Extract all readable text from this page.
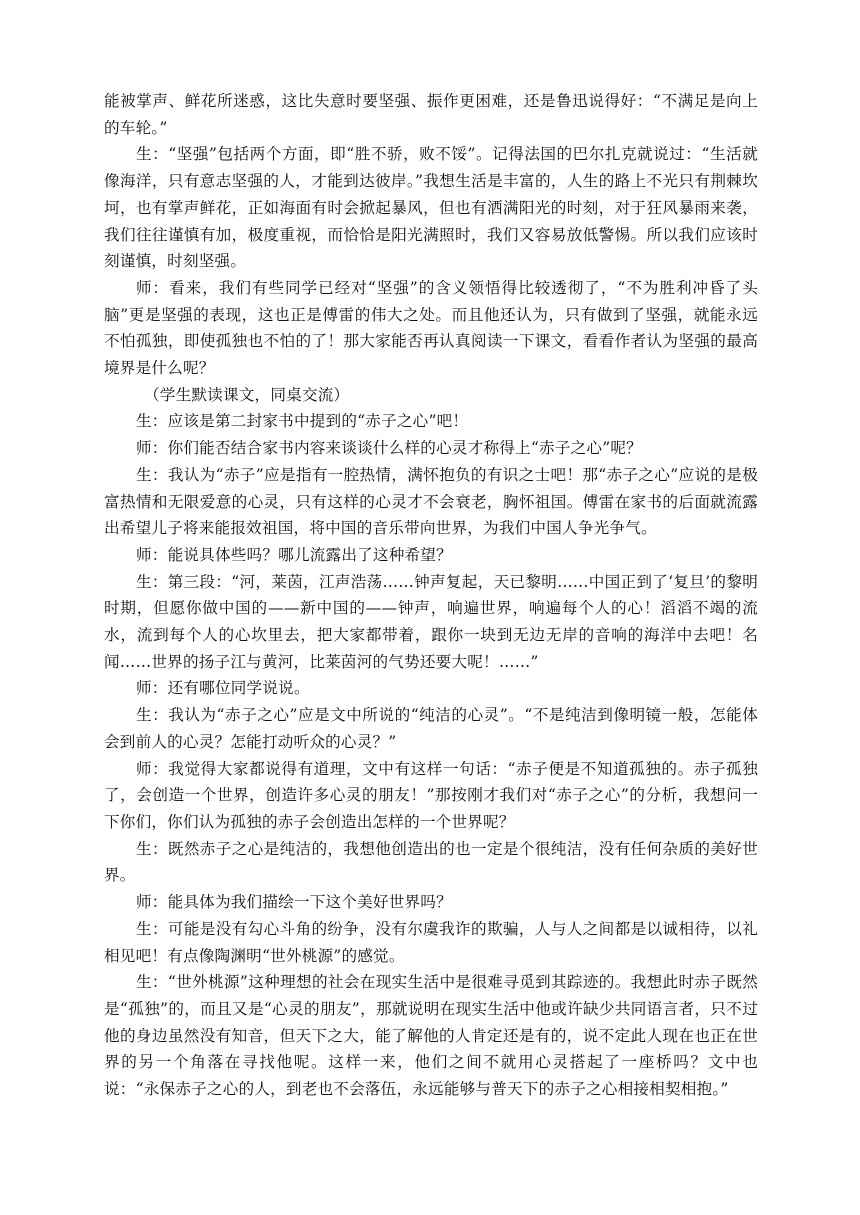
能被掌声、鲜花所迷惑，这比失意时要坚强、振作更困难，还是鲁迅说得好：“不满足是向上的车轮。”

生：“坚强”包括两个方面，即“胜不骄，败不馁”。记得法国的巴尔扎克就说过：“生活就像海洋，只有意志坚强的人，才能到达彼岸。”我想生活是丰富的，人生的路上不光只有荆棘坎坷，也有掌声鲜花，正如海面有时会掀起暴风，但也有洒满阳光的时刻，对于狂风暴雨来袭，我们往往谨慎有加，极度重视，而恰恰是阳光满照时，我们又容易放低警惕。所以我们应该时刻谨慎，时刻坚强。

师：看来，我们有些同学已经对“坚强”的含义领悟得比较透彻了，“不为胜利冲昏了头脑”更是坚强的表现，这也正是傅雷的伟大之处。而且他还认为，只有做到了坚强，就能永远不怕孤独，即使孤独也不怕的了！那大家能否再认真阅读一下课文，看看作者认为坚强的最高境界是什么呢？

（学生默读课文，同桌交流）

生：应该是第二封家书中提到的“赤子之心”吧！

师：你们能否结合家书内容来谈谈什么样的心灵才称得上“赤子之心”呢？

生：我认为“赤子”应是指有一腔热情，满怀抱负的有识之士吧！那“赤子之心”应说的是极富热情和无限爱意的心灵，只有这样的心灵才不会衰老，胸怀祖国。傅雷在家书的后面就流露出希望儿子将来能报效祖国，将中国的音乐带向世界，为我们中国人争光争气。

师：能说具体些吗？哪儿流露出了这种希望？

生：第三段：“河，莱茵，江声浩荡……钟声复起，天已黎明……中国正到了‘复旦’的黎明时期，但愿你做中国的——新中国的——钟声，响遍世界，响遍每个人的心！滔滔不竭的流水，流到每个人的心坎里去，把大家都带着，跟你一块到无边无岸的音响的海洋中去吧！名闻……世界的扬子江与黄河，比莱茵河的气势还要大呢！……”

师：还有哪位同学说说。

生：我认为“赤子之心”应是文中所说的“纯洁的心灵”。“不是纯洁到像明镜一般，怎能体会到前人的心灵？怎能打动听众的心灵？”

师：我觉得大家都说得有道理，文中有这样一句话：“赤子便是不知道孤独的。赤子孤独了，会创造一个世界，创造许多心灵的朋友！”那按刚才我们对“赤子之心”的分析，我想问一下你们，你们认为孤独的赤子会创造出怎样的一个世界呢？

生：既然赤子之心是纯洁的，我想他创造出的也一定是个很纯洁，没有任何杂质的美好世界。

师：能具体为我们描绘一下这个美好世界吗？

生：可能是没有勾心斗角的纷争，没有尔虞我诈的欺骗，人与人之间都是以诚相待，以礼相见吧！有点像陶渊明“世外桃源”的感觉。

生：“世外桃源”这种理想的社会在现实生活中是很难寻觅到其踪迹的。我想此时赤子既然是“孤独”的，而且又是“心灵的朋友”，那就说明在现实生活中他或许缺少共同语言者，只不过他的身边虽然没有知音，但天下之大，能了解他的人肯定还是有的，说不定此人现在也正在世界的另一个角落在寻找他呢。这样一来，他们之间不就用心灵搭起了一座桥吗？文中也说：“永保赤子之心的人，到老也不会落伍，永远能够与普天下的赤子之心相接相契相抱。”
